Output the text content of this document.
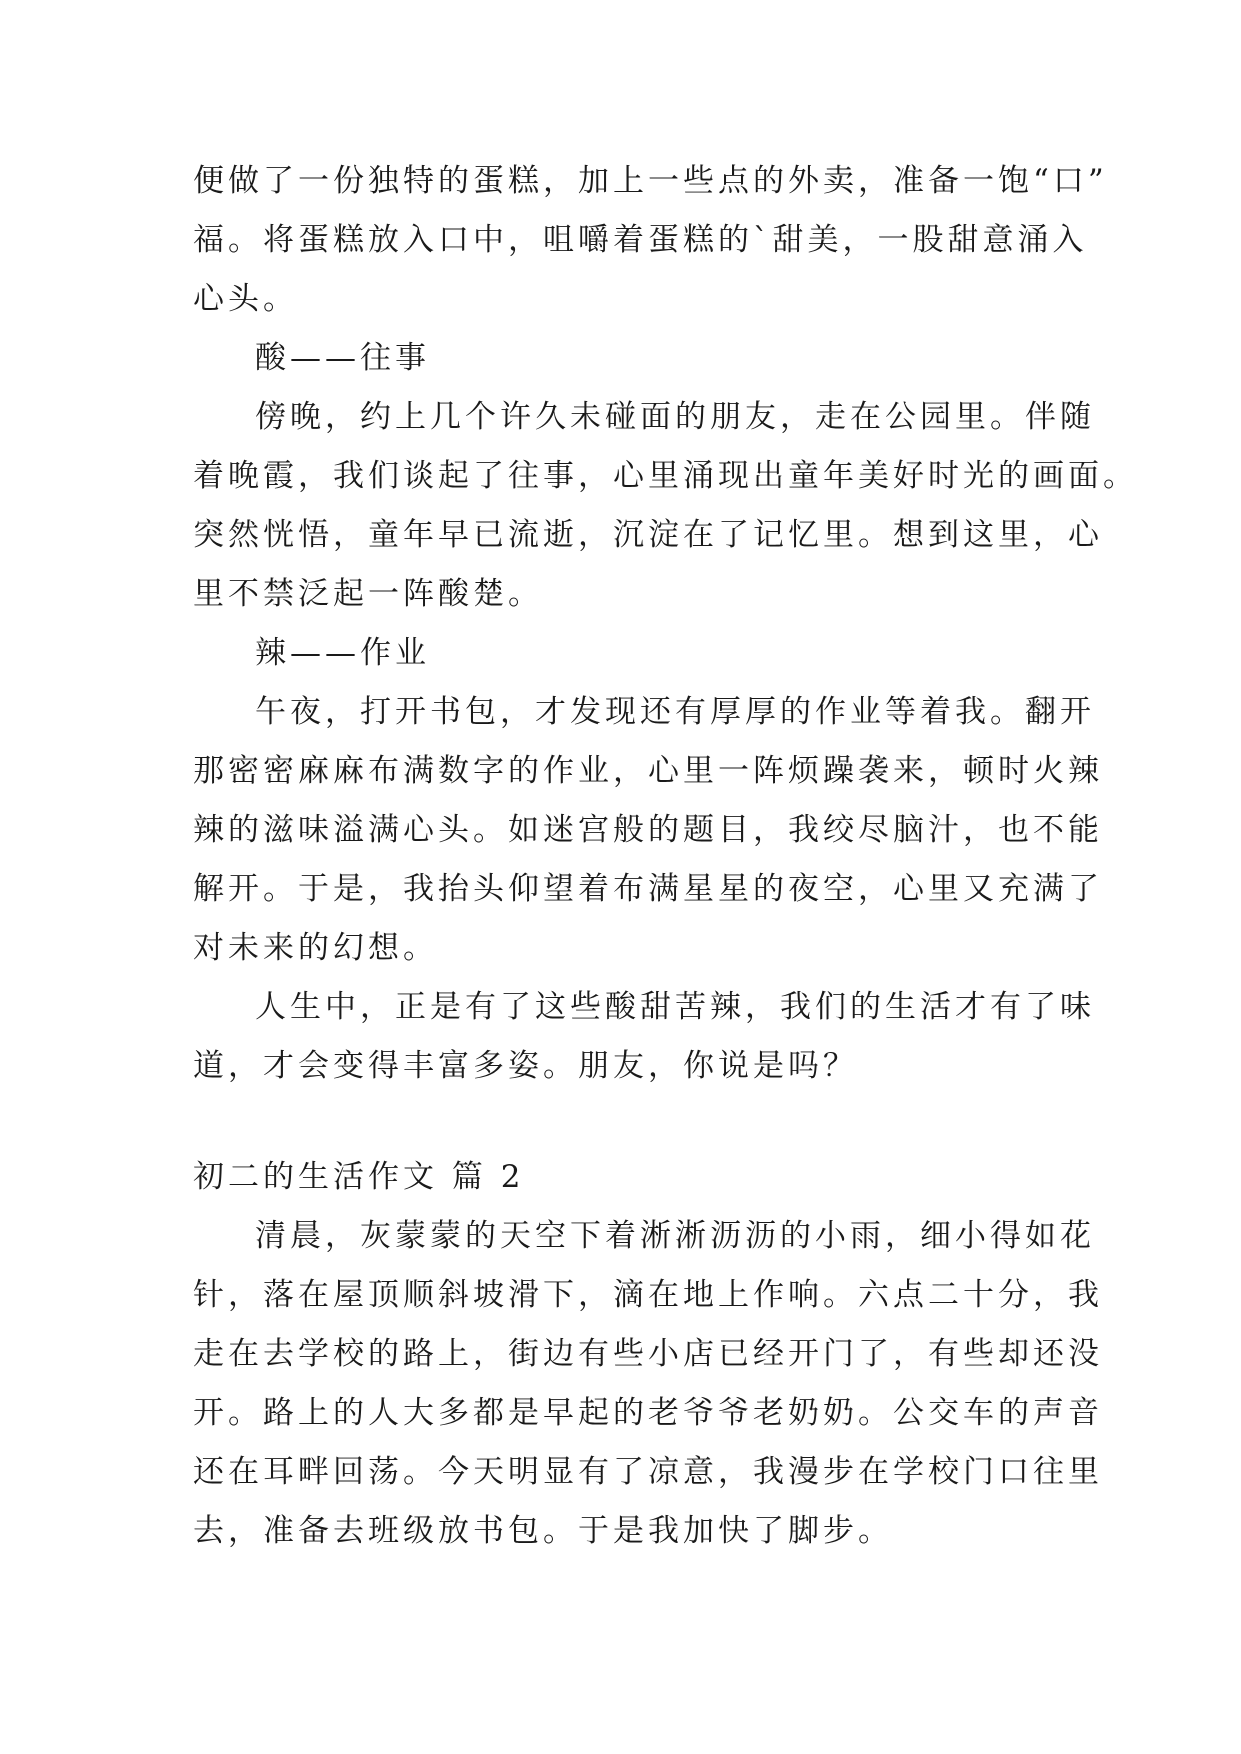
便做了一份独特的蛋糕，加上一些点的外卖，准备一饱“口”
福。将蛋糕放入口中，咀嚼着蛋糕的`甜美，一股甜意涌入
心头。
酸——往事
傍晚，约上几个许久未碰面的朋友，走在公园里。伴随
着晚霞，我们谈起了往事，心里涌现出童年美好时光的画面。
突然恍悟，童年早已流逝，沉淀在了记忆里。想到这里，心
里不禁泛起一阵酸楚。
辣——作业
午夜，打开书包，才发现还有厚厚的作业等着我。翻开
那密密麻麻布满数字的作业，心里一阵烦躁袭来，顿时火辣
辣的滋味溢满心头。如迷宫般的题目，我绞尽脑汁，也不能
解开。于是，我抬头仰望着布满星星的夜空，心里又充满了
对未来的幻想。
人生中，正是有了这些酸甜苦辣，我们的生活才有了味
道，才会变得丰富多姿。朋友，你说是吗？
初二的生活作文 篇 2
清晨，灰蒙蒙的天空下着淅淅沥沥的小雨，细小得如花
针，落在屋顶顺斜坡滑下，滴在地上作响。六点二十分，我
走在去学校的路上，街边有些小店已经开门了，有些却还没
开。路上的人大多都是早起的老爷爷老奶奶。公交车的声音
还在耳畔回荡。今天明显有了凉意，我漫步在学校门口往里
去，准备去班级放书包。于是我加快了脚步。
